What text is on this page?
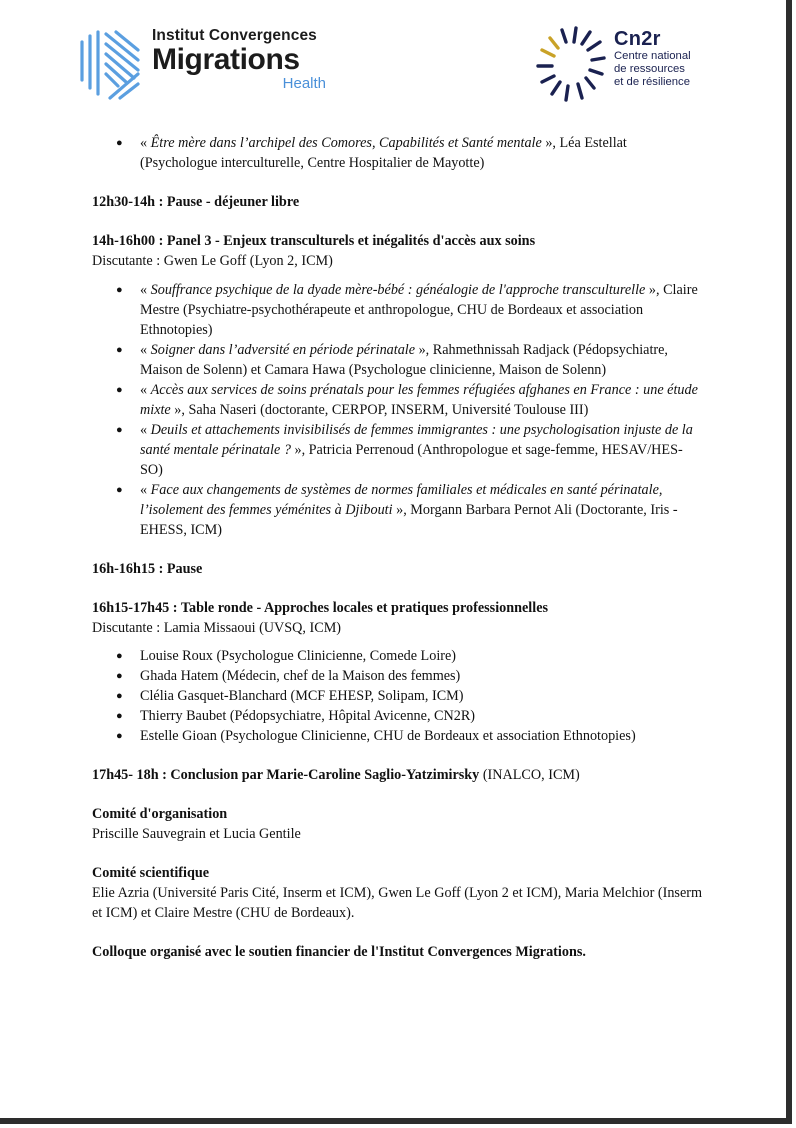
Institut Convergences
Migrations
Health
Cn2r
Centre national
de ressources
et de résilience
● « Être mère dans l’archipel des Comores, Capabilités et Santé mentale », Léa Estellat (Psychologue interculturelle, Centre Hospitalier de Mayotte)
12h30-14h : Pause - déjeuner libre
14h-16h00 : Panel 3 - Enjeux transculturels et inégalités d'accès aux soins
Discutante : Gwen Le Goff (Lyon 2, ICM)
● « Souffrance psychique de la dyade mère-bébé : généalogie de l'approche transculturelle », Claire Mestre (Psychiatre-psychothérapeute et anthropologue, CHU de Bordeaux et association Ethnotopies)
● « Soigner dans l’adversité en période périnatale », Rahmethnissah Radjack (Pédopsychiatre, Maison de Solenn) et Camara Hawa (Psychologue clinicienne, Maison de Solenn)
● « Accès aux services de soins prénatals pour les femmes réfugiées afghanes en France : une étude mixte », Saha Naseri (doctorante, CERPOP, INSERM, Université Toulouse III)
● « Deuils et attachements invisibilisés de femmes immigrantes : une psychologisation injuste de la santé mentale périnatale ? », Patricia Perrenoud (Anthropologue et sage-femme, HESAV/HES-SO)
● « Face aux changements de systèmes de normes familiales et médicales en santé périnatale, l’isolement des femmes yéménites à Djibouti », Morgann Barbara Pernot Ali (Doctorante, Iris - EHESS, ICM)
16h-16h15 : Pause
16h15-17h45 : Table ronde - Approches locales et pratiques professionnelles
Discutante : Lamia Missaoui (UVSQ, ICM)
● Louise Roux (Psychologue Clinicienne, Comede Loire)
● Ghada Hatem (Médecin, chef de la Maison des femmes)
● Clélia Gasquet-Blanchard (MCF EHESP, Solipam, ICM)
● Thierry Baubet (Pédopsychiatre, Hôpital Avicenne, CN2R)
● Estelle Gioan (Psychologue Clinicienne, CHU de Bordeaux et association Ethnotopies)
17h45- 18h : Conclusion par Marie-Caroline Saglio-Yatzimirsky (INALCO, ICM)
Comité d'organisation
Priscille Sauvegrain et Lucia Gentile
Comité scientifique
Elie Azria (Université Paris Cité, Inserm et ICM), Gwen Le Goff (Lyon 2 et ICM), Maria Melchior (Inserm et ICM) et Claire Mestre (CHU de Bordeaux).
Colloque organisé avec le soutien financier de l'Institut Convergences Migrations.
